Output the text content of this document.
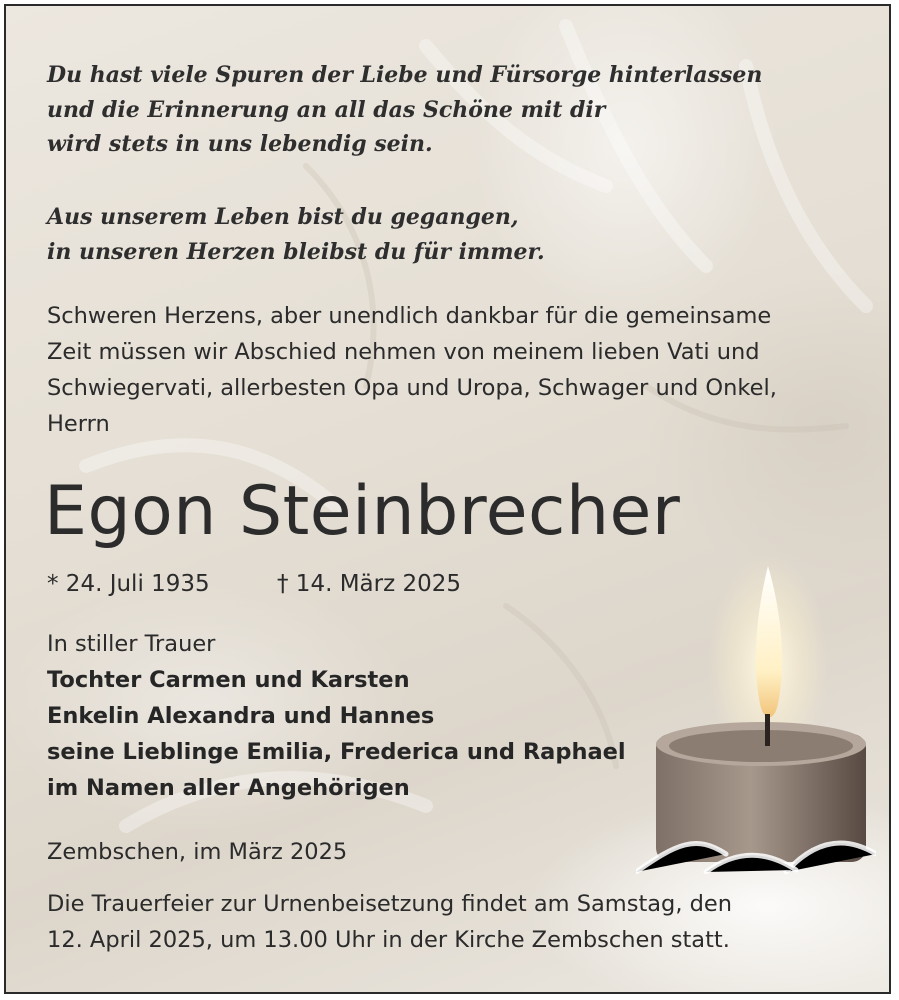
Du hast viele Spuren der Liebe und Fürsorge hinterlassen
und die Erinnerung an all das Schöne mit dir
wird stets in uns lebendig sein.
Aus unserem Leben bist du gegangen,
in unseren Herzen bleibst du für immer.
Schweren Herzens, aber unendlich dankbar für die gemeinsame
Zeit müssen wir Abschied nehmen von meinem lieben Vati und
Schwiegervati, allerbesten Opa und Uropa, Schwager und Onkel,
Herrn
Egon Steinbrecher
* 24. Juli 1935	† 14. März 2025
In stiller Trauer
Tochter Carmen und Karsten
Enkelin Alexandra und Hannes
seine Lieblinge Emilia, Frederica und Raphael
im Namen aller Angehörigen
Zembschen, im März 2025
Die Trauerfeier zur Urnenbeisetzung findet am Samstag, den
12. April 2025, um 13.00 Uhr in der Kirche Zembschen statt.
